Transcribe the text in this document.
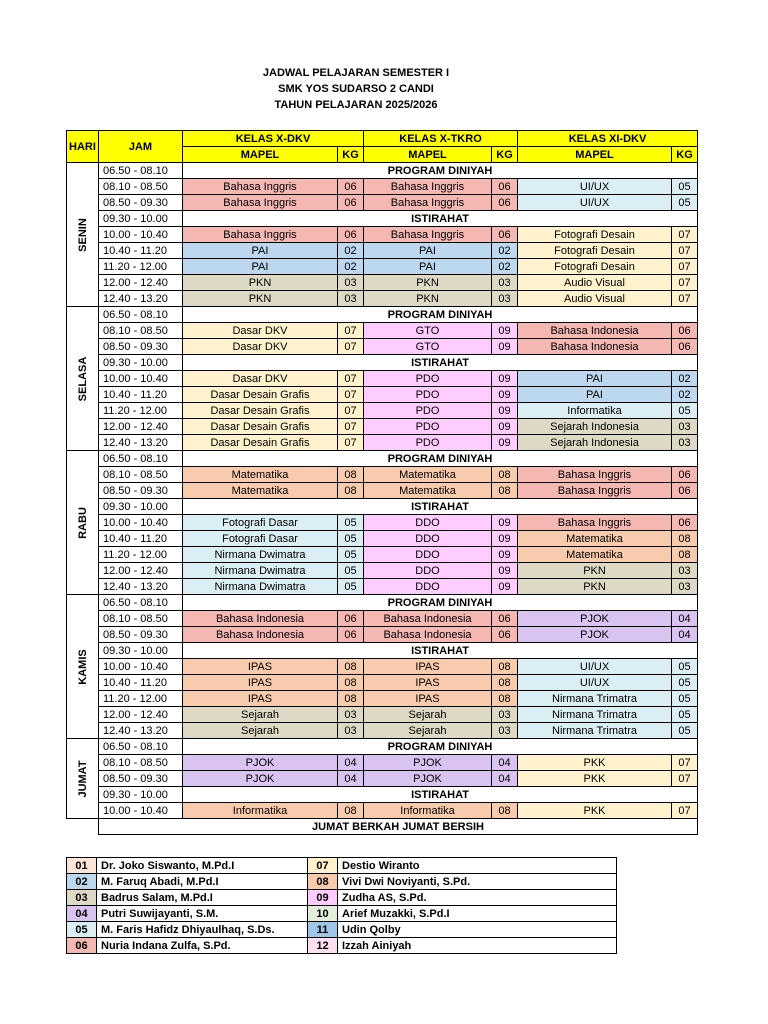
JADWAL PELAJARAN SEMESTER I
SMK YOS SUDARSO 2 CANDI
TAHUN PELAJARAN 2025/2026
HARI	JAM	KELAS X-DKV		KELAS X-TKRO		KELAS XI-DKV	
		MAPEL	KG	MAPEL	KG	MAPEL	KG

SENIN	06.50 - 08.10	PROGRAM DINIYAH					
	08.10 - 08.50	Bahasa Inggris	06	Bahasa Inggris	06	UI/UX	05
	08.50 - 09.30	Bahasa Inggris	06	Bahasa Inggris	06	UI/UX	05
	09.30 - 10.00	ISTIRAHAT					
	10.00 - 10.40	Bahasa Inggris	06	Bahasa Inggris	06	Fotografi Desain	07
	10.40 - 11.20	PAI	02	PAI	02	Fotografi Desain	07
	11.20 - 12.00	PAI	02	PAI	02	Fotografi Desain	07
	12.00 - 12.40	PKN	03	PKN	03	Audio Visual	07
	12.40 - 13.20	PKN	03	PKN	03	Audio Visual	07

SELASA	06.50 - 08.10	PROGRAM DINIYAH					
	08.10 - 08.50	Dasar DKV	07	GTO	09	Bahasa Indonesia	06
	08.50 - 09.30	Dasar DKV	07	GTO	09	Bahasa Indonesia	06
	09.30 - 10.00	ISTIRAHAT					
	10.00 - 10.40	Dasar DKV	07	PDO	09	PAI	02
	10.40 - 11.20	Dasar Desain Grafis	07	PDO	09	PAI	02
	11.20 - 12.00	Dasar Desain Grafis	07	PDO	09	Informatika	05
	12.00 - 12.40	Dasar Desain Grafis	07	PDO	09	Sejarah Indonesia	03
	12.40 - 13.20	Dasar Desain Grafis	07	PDO	09	Sejarah Indonesia	03

RABU	06.50 - 08.10	PROGRAM DINIYAH					
	08.10 - 08.50	Matematika	08	Matematika	08	Bahasa Inggris	06
	08.50 - 09.30	Matematika	08	Matematika	08	Bahasa Inggris	06
	09.30 - 10.00	ISTIRAHAT					
	10.00 - 10.40	Fotografi Dasar	05	DDO	09	Bahasa Inggris	06
	10.40 - 11.20	Fotografi Dasar	05	DDO	09	Matematika	08
	11.20 - 12.00	Nirmana Dwimatra	05	DDO	09	Matematika	08
	12.00 - 12.40	Nirmana Dwimatra	05	DDO	09	PKN	03
	12.40 - 13.20	Nirmana Dwimatra	05	DDO	09	PKN	03

KAMIS	06.50 - 08.10	PROGRAM DINIYAH					
	08.10 - 08.50	Bahasa Indonesia	06	Bahasa Indonesia	06	PJOK	04
	08.50 - 09.30	Bahasa Indonesia	06	Bahasa Indonesia	06	PJOK	04
	09.30 - 10.00	ISTIRAHAT					
	10.00 - 10.40	IPAS	08	IPAS	08	UI/UX	05
	10.40 - 11.20	IPAS	08	IPAS	08	UI/UX	05
	11.20 - 12.00	IPAS	08	IPAS	08	Nirmana Trimatra	05
	12.00 - 12.40	Sejarah	03	Sejarah	03	Nirmana Trimatra	05
	12.40 - 13.20	Sejarah	03	Sejarah	03	Nirmana Trimatra	05

JUMAT	06.50 - 08.10	PROGRAM DINIYAH					
	08.10 - 08.50	PJOK	04	PJOK	04	PKK	07
	08.50 - 09.30	PJOK	04	PJOK	04	PKK	07
	09.30 - 10.00	ISTIRAHAT					
	10.00 - 10.40	Informatika	08	Informatika	08	PKK	07
	JUMAT BERKAH JUMAT BERSIH						
01	Dr. Joko Siswanto, M.Pd.I	07	Destio Wiranto
02	M. Faruq Abadi, M.Pd.I	08	Vivi Dwi Noviyanti, S.Pd.
03	Badrus Salam, M.Pd.I	09	Zudha AS, S.Pd.
04	Putri Suwijayanti, S.M.	10	Arief Muzakki, S.Pd.I
05	M. Faris Hafidz Dhiyaulhaq, S.Ds.	11	Udin Qolby
06	Nuria Indana Zulfa, S.Pd.	12	Izzah Ainiyah
